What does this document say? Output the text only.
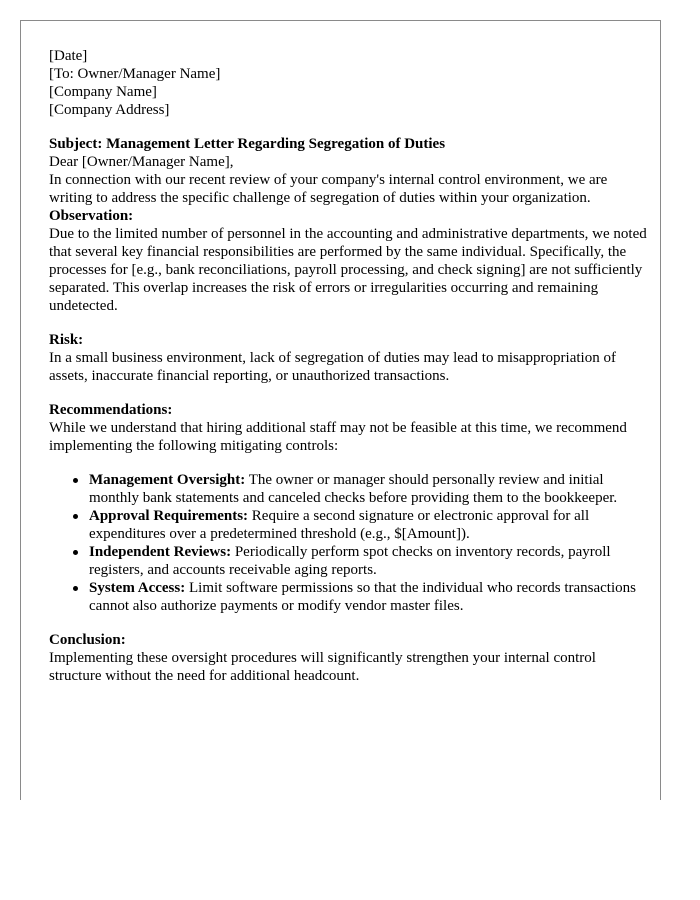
[Date]

[To: Owner/Manager Name]

[Company Name]

[Company Address]

Subject: Management Letter Regarding Segregation of Duties

Dear [Owner/Manager Name],

In connection with our recent review of your company's internal control environment, we are writing to address the specific challenge of segregation of duties within your organization.

Observation:

Due to the limited number of personnel in the accounting and administrative departments, we noted that several key financial responsibilities are performed by the same individual. Specifically, the processes for [e.g., bank reconciliations, payroll processing, and check signing] are not sufficiently separated. This overlap increases the risk of errors or irregularities occurring and remaining undetected.

Risk:

In a small business environment, lack of segregation of duties may lead to misappropriation of assets, inaccurate financial reporting, or unauthorized transactions.

Recommendations:

While we understand that hiring additional staff may not be feasible at this time, we recommend implementing the following mitigating controls:

Management Oversight: The owner or manager should personally review and initial monthly bank statements and canceled checks before providing them to the bookkeeper.
Approval Requirements: Require a second signature or electronic approval for all expenditures over a predetermined threshold (e.g., $[Amount]).
Independent Reviews: Periodically perform spot checks on inventory records, payroll registers, and accounts receivable aging reports.
System Access: Limit software permissions so that the individual who records transactions cannot also authorize payments or modify vendor master files.

Conclusion:

Implementing these oversight procedures will significantly strengthen your internal control structure without the need for additional headcount.
